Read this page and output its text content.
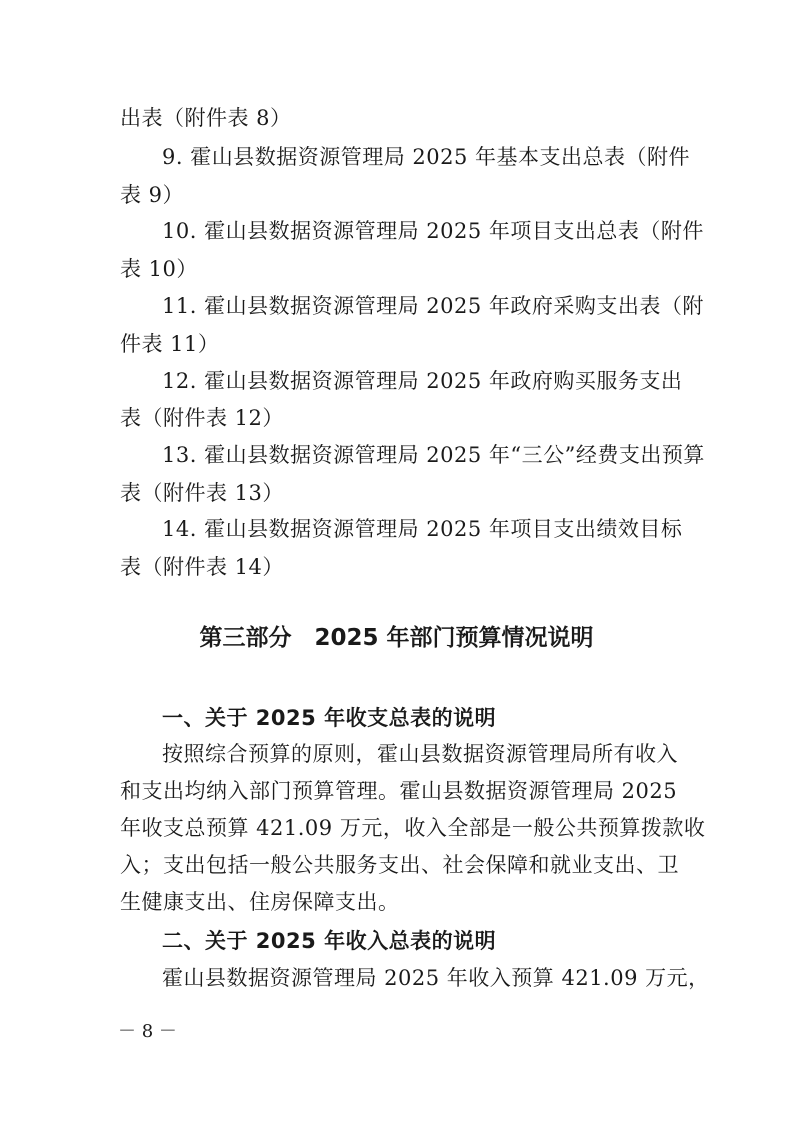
出表（附件表 8）
9. 霍山县数据资源管理局 2025 年基本支出总表（附件
表 9）
10. 霍山县数据资源管理局 2025 年项目支出总表（附件
表 10）
11. 霍山县数据资源管理局 2025 年政府采购支出表（附
件表 11）
12. 霍山县数据资源管理局 2025 年政府购买服务支出
表（附件表 12）
13. 霍山县数据资源管理局 2025 年“三公”经费支出预算
表（附件表 13）
14. 霍山县数据资源管理局 2025 年项目支出绩效目标
表（附件表 14）
第三部分　2025 年部门预算情况说明
一、关于 2025 年收支总表的说明
按照综合预算的原则，霍山县数据资源管理局所有收入
和支出均纳入部门预算管理。霍山县数据资源管理局 2025
年收支总预算 421.09 万元，收入全部是一般公共预算拨款收
入；支出包括一般公共服务支出、社会保障和就业支出、卫
生健康支出、住房保障支出。
二、关于 2025 年收入总表的说明
霍山县数据资源管理局 2025 年收入预算 421.09 万元，
－ 8 －
